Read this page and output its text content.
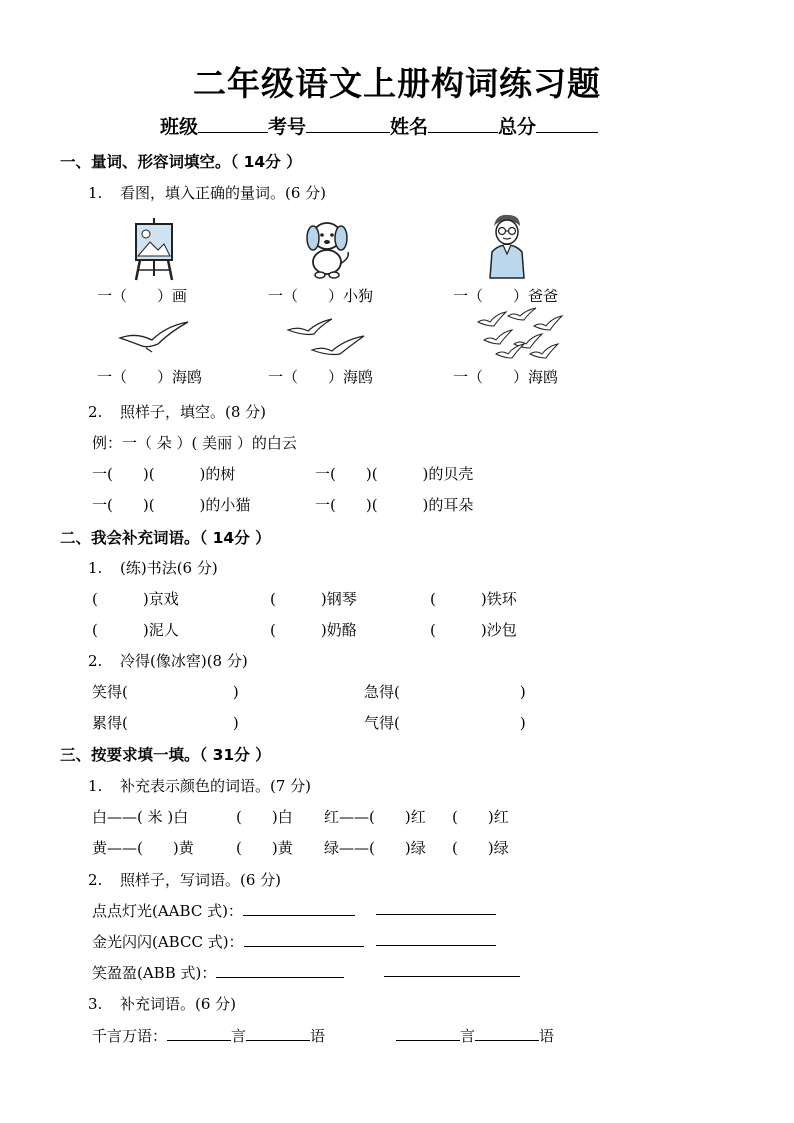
二年级语文上册构词练习题
班级	考号	姓名	总分
一、量词、形容词填空。（ 14分 ）
1. 看图，填入正确的量词。(6 分)
一（　　）画	一（　　）小狗	一（　　）爸爸
一（　　）海鸥	一（　　）海鸥	一（　　）海鸥
2. 照样子，填空。(8 分)
例：一（ 朵 ）( 美丽 ）的白云
一(　　)(　　　)的树	一(　　)(　　　)的贝壳
一(　　)(　　　)的小猫	一(　　)(　　　)的耳朵
二、我会补充词语。（ 14分 ）
1. (练)书法(6 分)
(　　　)京戏	(　　　)钢琴	(　　　)铁环
(　　　)泥人	(　　　)奶酪	(　　　)沙包
2. 冷得(像冰窖)(8 分)
笑得(　　　　　　　)	急得(　　　　　　　　)
累得(　　　　　　　)	气得(　　　　　　　　)
三、按要求填一填。（ 31分 ）
1. 补充表示颜色的词语。(7 分)
白——( 米 )白	(　　)白 红——(　　)红 (　　)红
黄——(　　)黄	(　　)黄 绿——(　　)绿 (　　)绿
2. 照样子，写词语。(6 分)
点点灯光(AABC 式)：
金光闪闪(ABCC 式)：
笑盈盈(ABB 式)：
3. 补充词语。(6 分)
千言万语：	言	语	言	语
